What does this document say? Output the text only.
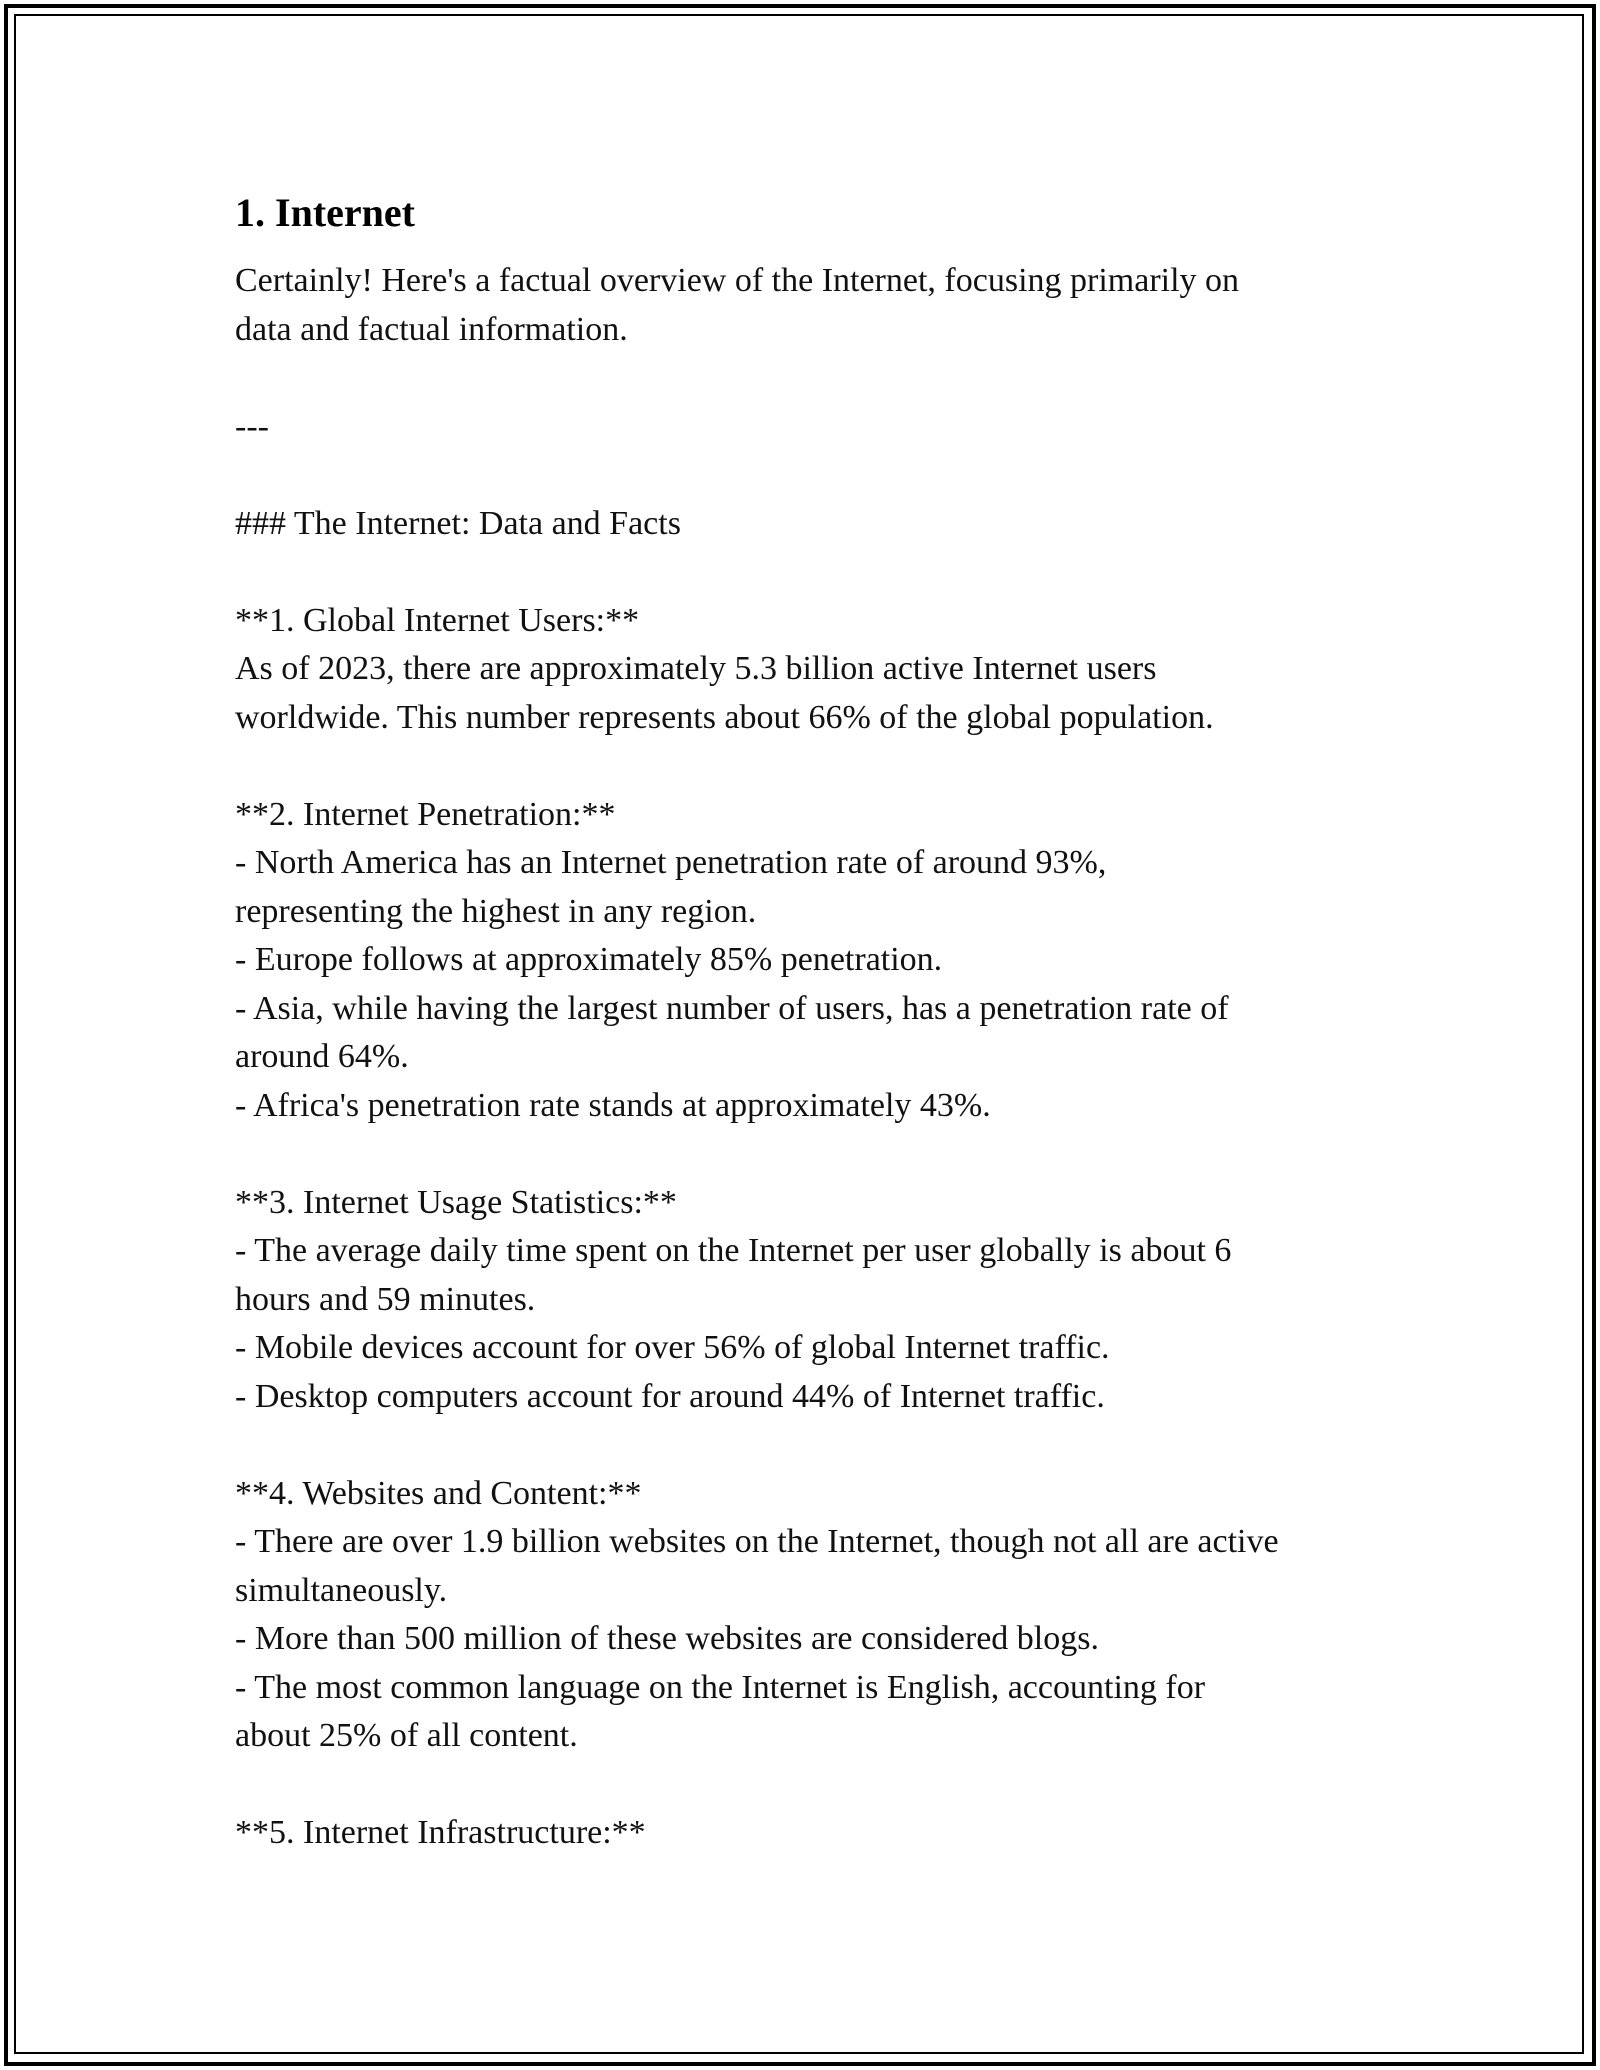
1. Internet
Certainly! Here's a factual overview of the Internet, focusing primarily on
data and factual information.
---
### The Internet: Data and Facts
**1. Global Internet Users:**
As of 2023, there are approximately 5.3 billion active Internet users
worldwide. This number represents about 66% of the global population.
**2. Internet Penetration:**
- North America has an Internet penetration rate of around 93%,
representing the highest in any region.
- Europe follows at approximately 85% penetration.
- Asia, while having the largest number of users, has a penetration rate of
around 64%.
- Africa's penetration rate stands at approximately 43%.
**3. Internet Usage Statistics:**
- The average daily time spent on the Internet per user globally is about 6
hours and 59 minutes.
- Mobile devices account for over 56% of global Internet traffic.
- Desktop computers account for around 44% of Internet traffic.
**4. Websites and Content:**
- There are over 1.9 billion websites on the Internet, though not all are active
simultaneously.
- More than 500 million of these websites are considered blogs.
- The most common language on the Internet is English, accounting for
about 25% of all content.
**5. Internet Infrastructure:**
